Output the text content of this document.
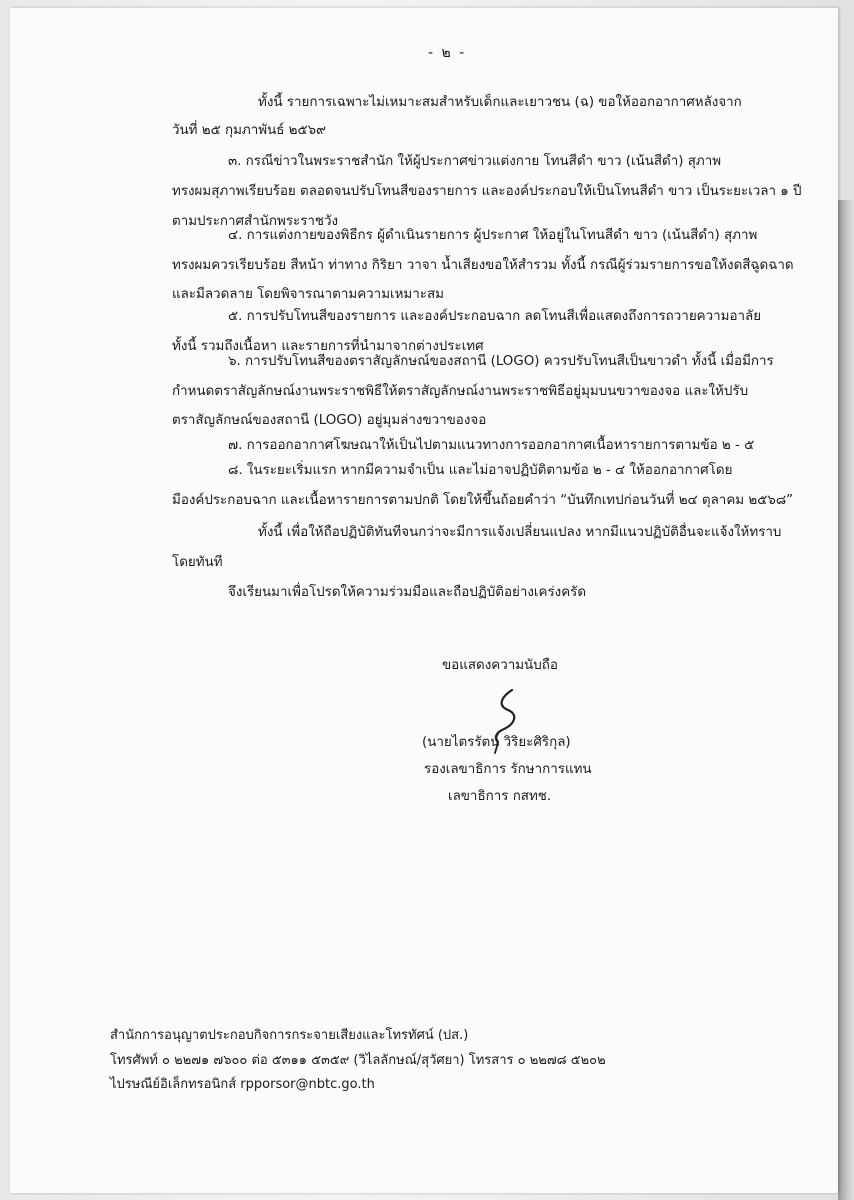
- ๒ -
ทั้งนี้ รายการเฉพาะไม่เหมาะสมสำหรับเด็กและเยาวชน (ฉ) ขอให้ออกอากาศหลังจาก
วันที่ ๒๕ กุมภาพันธ์ ๒๕๖๙
๓. กรณีข่าวในพระราชสำนัก ให้ผู้ประกาศข่าวแต่งกาย โทนสีดำ ขาว (เน้นสีดำ) สุภาพ
ทรงผมสุภาพเรียบร้อย ตลอดจนปรับโทนสีของรายการ และองค์ประกอบให้เป็นโทนสีดำ ขาว เป็นระยะเวลา ๑ ปี
ตามประกาศสำนักพระราชวัง
๔. การแต่งกายของพิธีกร ผู้ดำเนินรายการ ผู้ประกาศ ให้อยู่ในโทนสีดำ ขาว (เน้นสีดำ) สุภาพ
ทรงผมควรเรียบร้อย สีหน้า ท่าทาง กิริยา วาจา น้ำเสียงขอให้สำรวม ทั้งนี้ กรณีผู้ร่วมรายการขอให้งดสีฉูดฉาด
และมีลวดลาย โดยพิจารณาตามความเหมาะสม
๕. การปรับโทนสีของรายการ และองค์ประกอบฉาก ลดโทนสีเพื่อแสดงถึงการถวายความอาลัย
ทั้งนี้ รวมถึงเนื้อหา และรายการที่นำมาจากต่างประเทศ
๖. การปรับโทนสีของตราสัญลักษณ์ของสถานี (LOGO) ควรปรับโทนสีเป็นขาวดำ ทั้งนี้ เมื่อมีการ
กำหนดตราสัญลักษณ์งานพระราชพิธีให้ตราสัญลักษณ์งานพระราชพิธีอยู่มุมบนขวาของจอ และให้ปรับ
ตราสัญลักษณ์ของสถานี (LOGO) อยู่มุมล่างขวาของจอ
๗. การออกอากาศโฆษณาให้เป็นไปตามแนวทางการออกอากาศเนื้อหารายการตามข้อ ๒ - ๕
๘. ในระยะเริ่มแรก หากมีความจำเป็น และไม่อาจปฏิบัติตามข้อ ๒ - ๔ ให้ออกอากาศโดย
มีองค์ประกอบฉาก และเนื้อหารายการตามปกติ โดยให้ขึ้นถ้อยคำว่า “บันทึกเทปก่อนวันที่ ๒๔ ตุลาคม ๒๕๖๘”
ทั้งนี้ เพื่อให้ถือปฏิบัติทันทีจนกว่าจะมีการแจ้งเปลี่ยนแปลง หากมีแนวปฏิบัติอื่นจะแจ้งให้ทราบ
โดยทันที
จึงเรียนมาเพื่อโปรดให้ความร่วมมือและถือปฏิบัติอย่างเคร่งครัด
ขอแสดงความนับถือ
(นายไตรรัตน์ วิริยะศิริกุล)
รองเลขาธิการ รักษาการแทน
เลขาธิการ กสทช.
สำนักการอนุญาตประกอบกิจการกระจายเสียงและโทรทัศน์ (ปส.)
โทรศัพท์ ๐ ๒๒๗๑ ๗๖๐๐ ต่อ ๕๓๑๑ ๕๓๕๙ (วิไลลักษณ์/สุวัศยา) โทรสาร ๐ ๒๒๗๘ ๕๒๐๒
ไปรษณีย์อิเล็กทรอนิกส์ rpporsor@nbtc.go.th
